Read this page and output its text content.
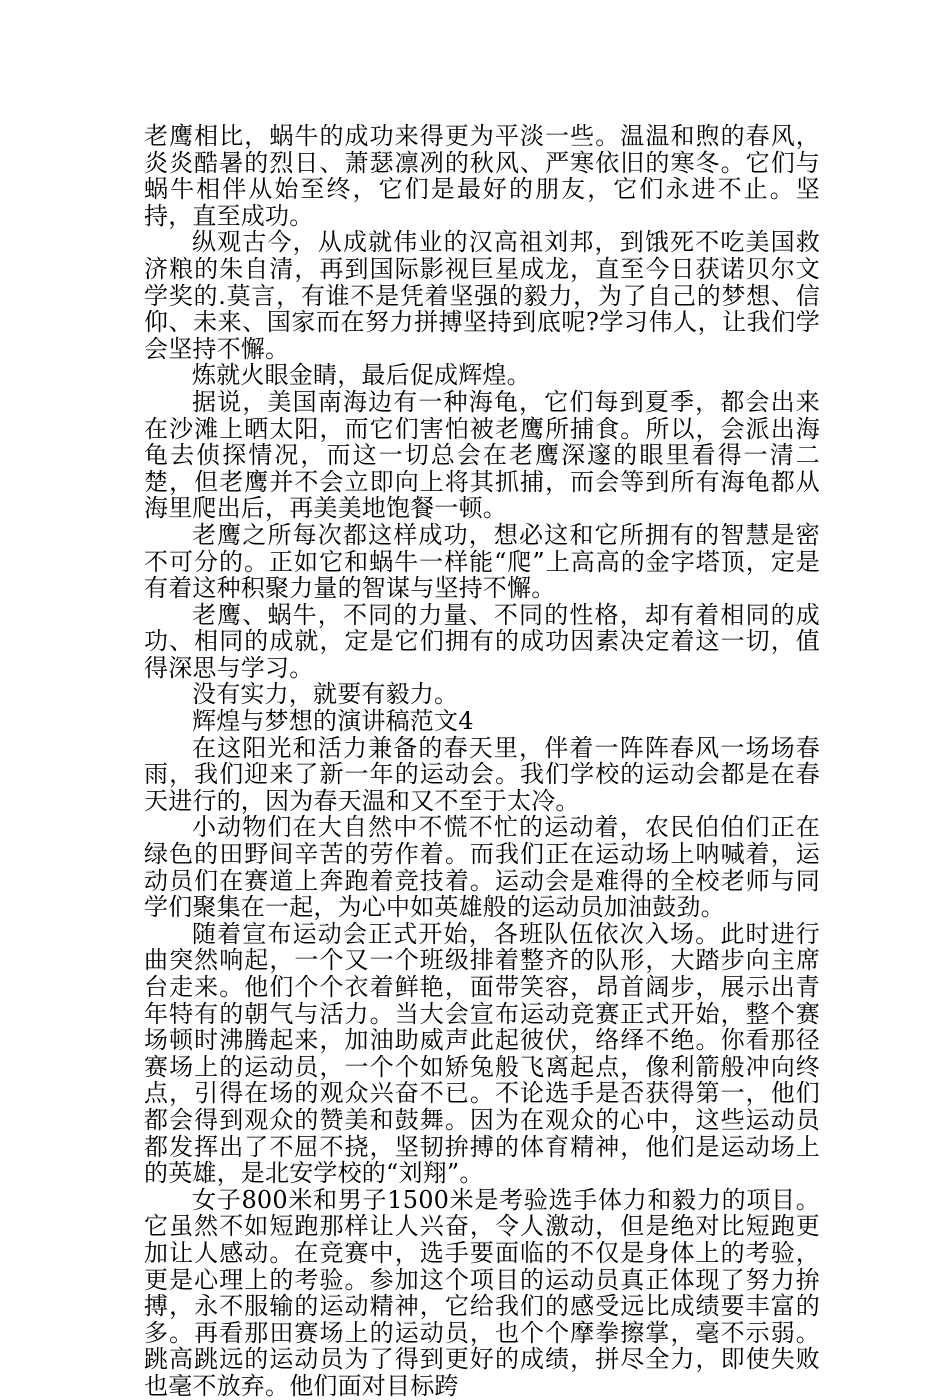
老鹰相比，蜗牛的成功来得更为平淡一些。温温和煦的春风，炎炎酷暑的烈日、萧瑟凛冽的秋风、严寒依旧的寒冬。它们与蜗牛相伴从始至终，它们是最好的朋友，它们永进不止。坚持，直至成功。

纵观古今，从成就伟业的汉高祖刘邦，到饿死不吃美国救济粮的朱自清，再到国际影视巨星成龙，直至今日获诺贝尔文学奖的.莫言，有谁不是凭着坚强的毅力，为了自己的梦想、信仰、未来、国家而在努力拼搏坚持到底呢?学习伟人，让我们学会坚持不懈。

炼就火眼金睛，最后促成辉煌。

据说，美国南海边有一种海龟，它们每到夏季，都会出来在沙滩上晒太阳，而它们害怕被老鹰所捕食。所以，会派出海龟去侦探情况，而这一切总会在老鹰深邃的眼里看得一清二楚，但老鹰并不会立即向上将其抓捕，而会等到所有海龟都从海里爬出后，再美美地饱餐一顿。

老鹰之所每次都这样成功，想必这和它所拥有的智慧是密不可分的。正如它和蜗牛一样能“爬”上高高的金字塔顶，定是有着这种积聚力量的智谋与坚持不懈。

老鹰、蜗牛，不同的力量、不同的性格，却有着相同的成功、相同的成就，定是它们拥有的成功因素决定着这一切，值得深思与学习。

没有实力，就要有毅力。

辉煌与梦想的演讲稿范文4

在这阳光和活力兼备的春天里，伴着一阵阵春风一场场春雨，我们迎来了新一年的运动会。我们学校的运动会都是在春天进行的，因为春天温和又不至于太冷。

小动物们在大自然中不慌不忙的运动着，农民伯伯们正在绿色的田野间辛苦的劳作着。而我们正在运动场上呐喊着，运动员们在赛道上奔跑着竞技着。运动会是难得的全校老师与同学们聚集在一起，为心中如英雄般的运动员加油鼓劲。

随着宣布运动会正式开始，各班队伍依次入场。此时进行曲突然响起，一个又一个班级排着整齐的队形，大踏步向主席台走来。他们个个衣着鲜艳，面带笑容，昂首阔步，展示出青年特有的朝气与活力。当大会宣布运动竞赛正式开始，整个赛场顿时沸腾起来，加油助威声此起彼伏，络绎不绝。你看那径赛场上的运动员，一个个如矫兔般飞离起点，像利箭般冲向终点，引得在场的观众兴奋不已。不论选手是否获得第一，他们都会得到观众的赞美和鼓舞。因为在观众的心中，这些运动员都发挥出了不屈不挠，坚韧拚搏的体育精神，他们是运动场上的英雄，是北安学校的“刘翔”。

女子800米和男子1500米是考验选手体力和毅力的项目。它虽然不如短跑那样让人兴奋，令人激动，但是绝对比短跑更加让人感动。在竞赛中，选手要面临的不仅是身体上的考验，更是心理上的考验。参加这个项目的运动员真正体现了努力拚搏，永不服输的运动精神，它给我们的感受远比成绩要丰富的多。再看那田赛场上的运动员，也个个摩拳擦掌，毫不示弱。跳高跳远的运动员为了得到更好的成绩，拼尽全力，即使失败也毫不放弃。他们面对目标跨
